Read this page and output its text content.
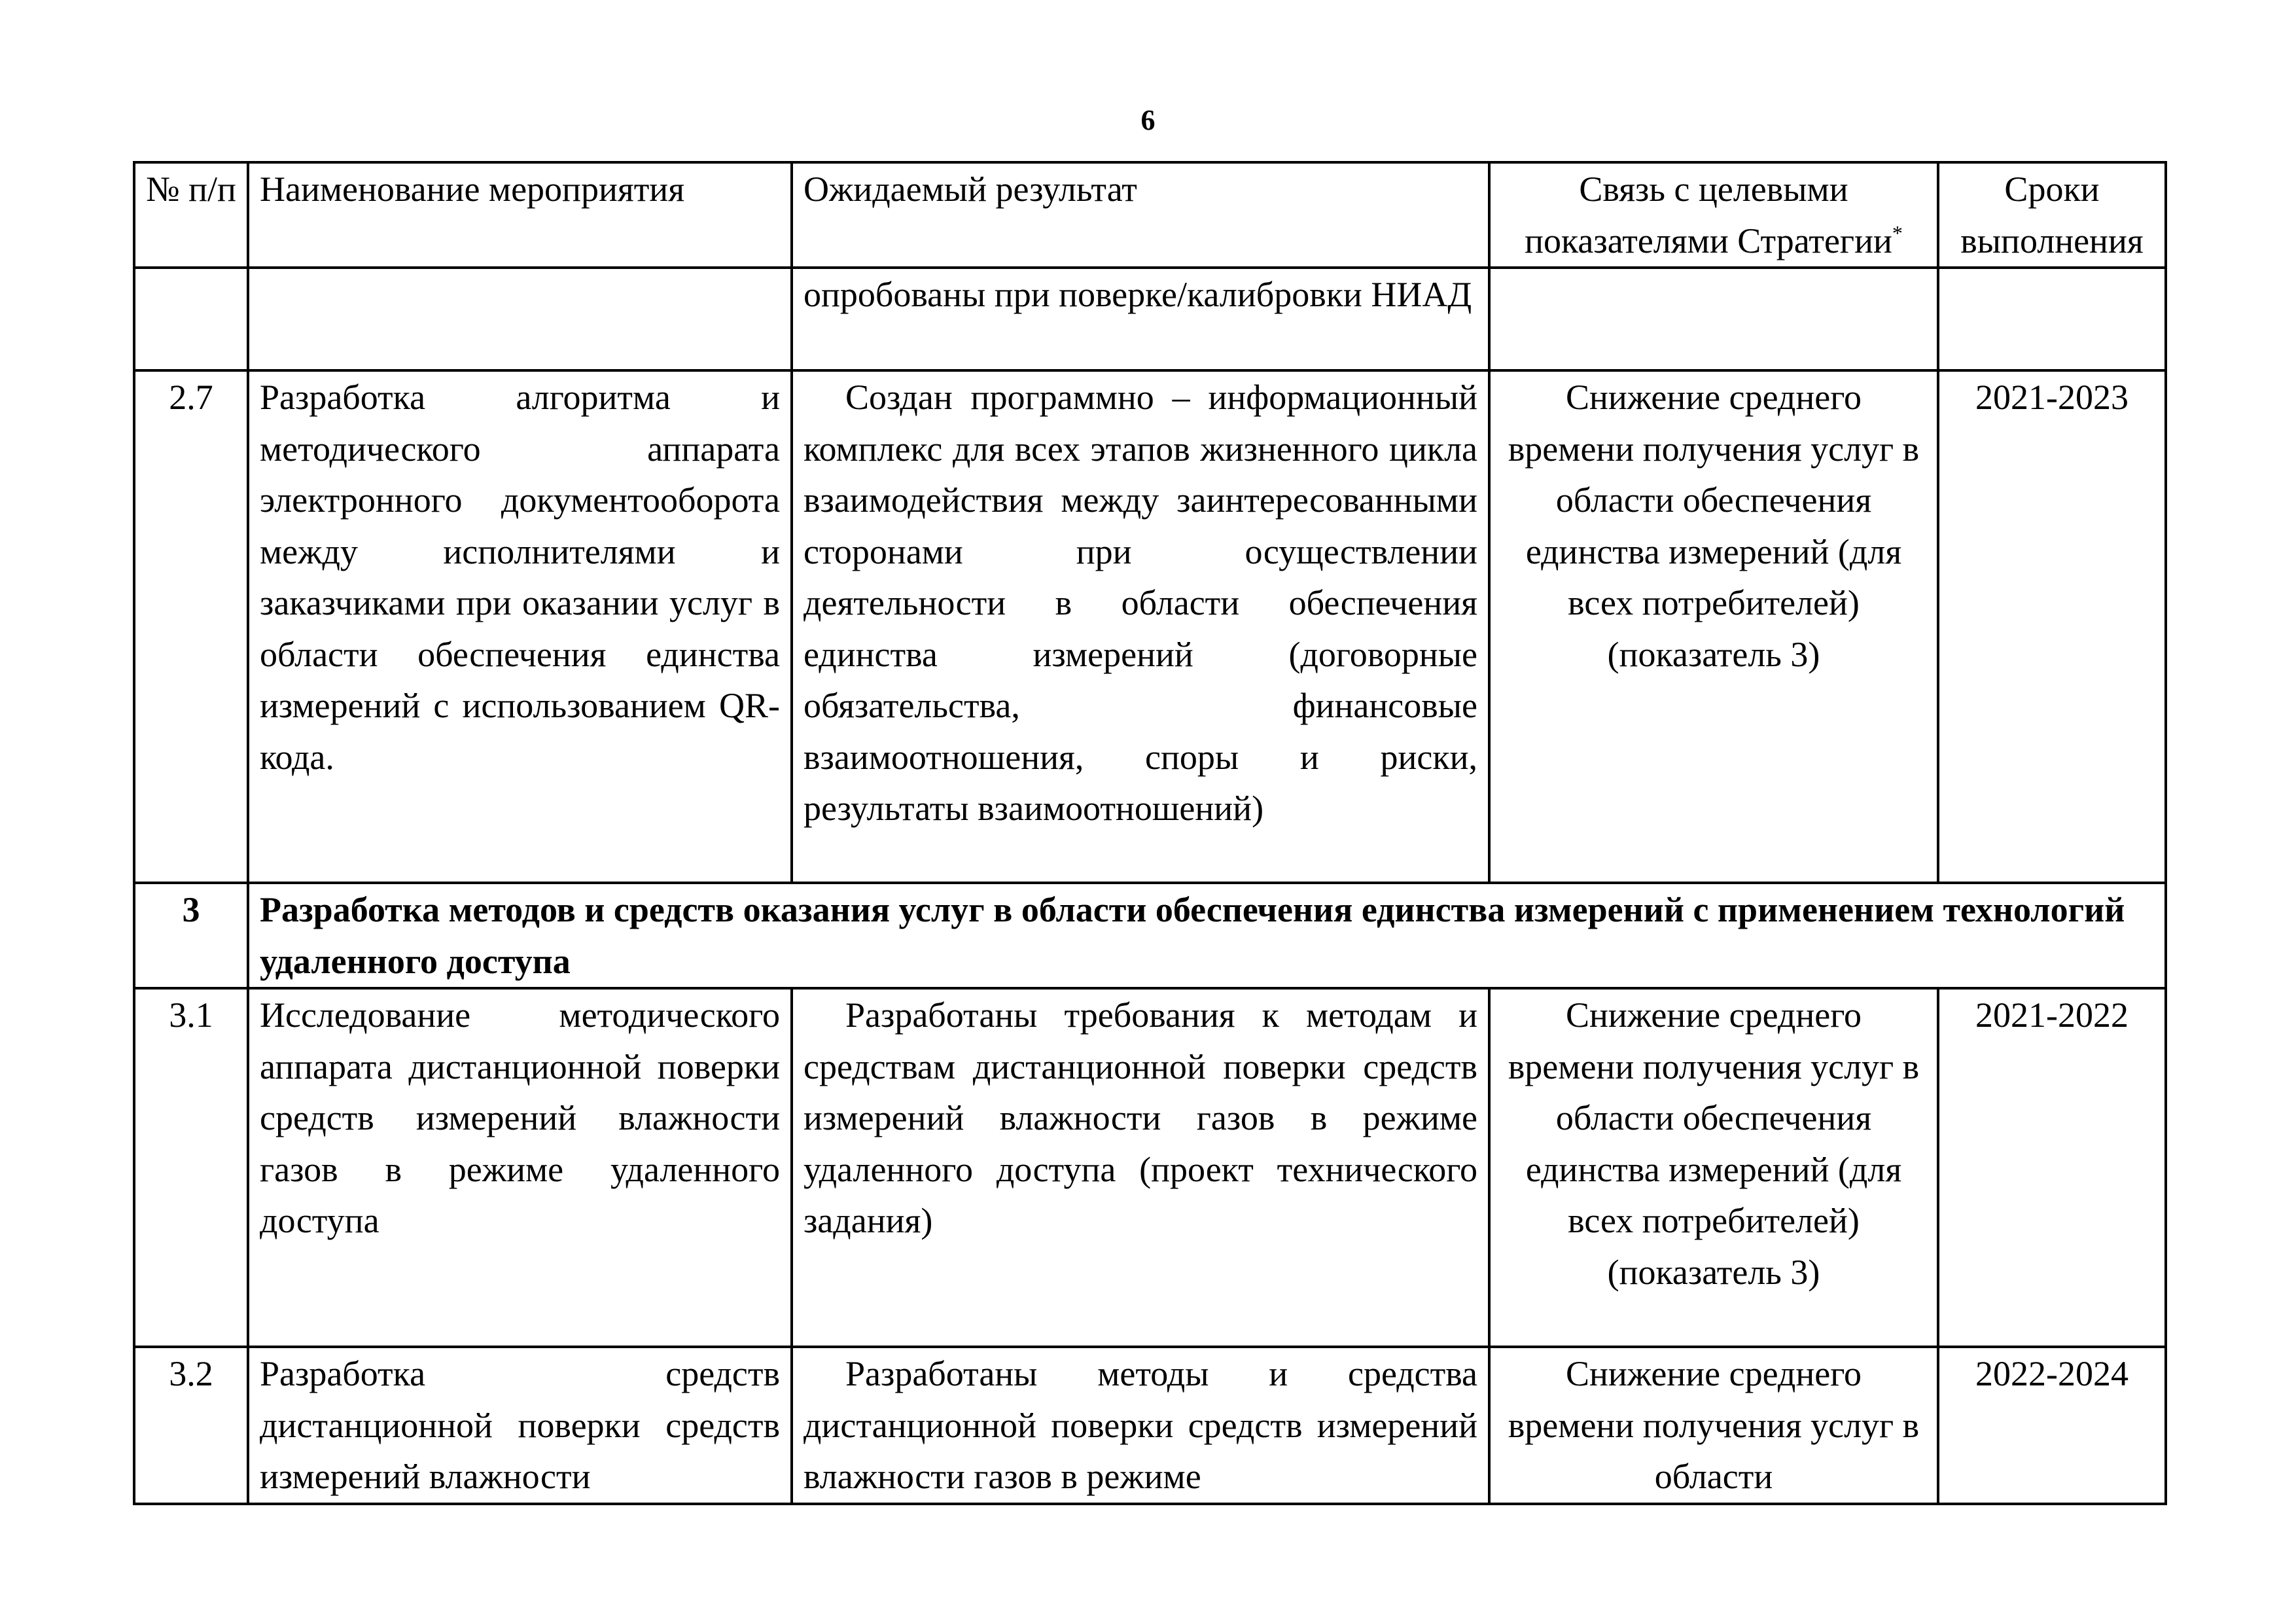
6
№ п/п	Наименование мероприятия	Ожидаемый результат	Связь с целевыми показателями Стратегии*	Сроки выполнения
		опробованы при поверке/калибровки НИАД		
2.7	Разработка алгоритма и методического аппарата электронного документооборота между исполнителями и заказчиками при оказании услуг в области обеспечения единства измерений с использованием QR-кода.	Создан программно – информационный комплекс для всех этапов жизненного цикла взаимодействия между заинтересованными сторонами при осуществлении деятельности в области обеспечения единства измерений (договорные обязательства, финансовые взаимоотношения, споры и риски, результаты взаимоотношений)	Снижение среднего времени получения услуг в области обеспечения единства измерений (для всех потребителей) (показатель 3)	2021-2023
3	Разработка методов и средств оказания услуг в области обеспечения единства измерений с применением технологий удаленного доступа			
3.1	Исследование методического аппарата дистанционной поверки средств измерений влажности газов в режиме удаленного доступа	Разработаны требования к методам и средствам дистанционной поверки средств измерений влажности газов в режиме удаленного доступа (проект технического задания)	Снижение среднего времени получения услуг в области обеспечения единства измерений (для всех потребителей) (показатель 3)	2021-2022
3.2	Разработка средств дистанционной поверки средств измерений влажности	Разработаны методы и средства дистанционной поверки средств измерений влажности газов в режиме	Снижение среднего времени получения услуг в области	2022-2024
